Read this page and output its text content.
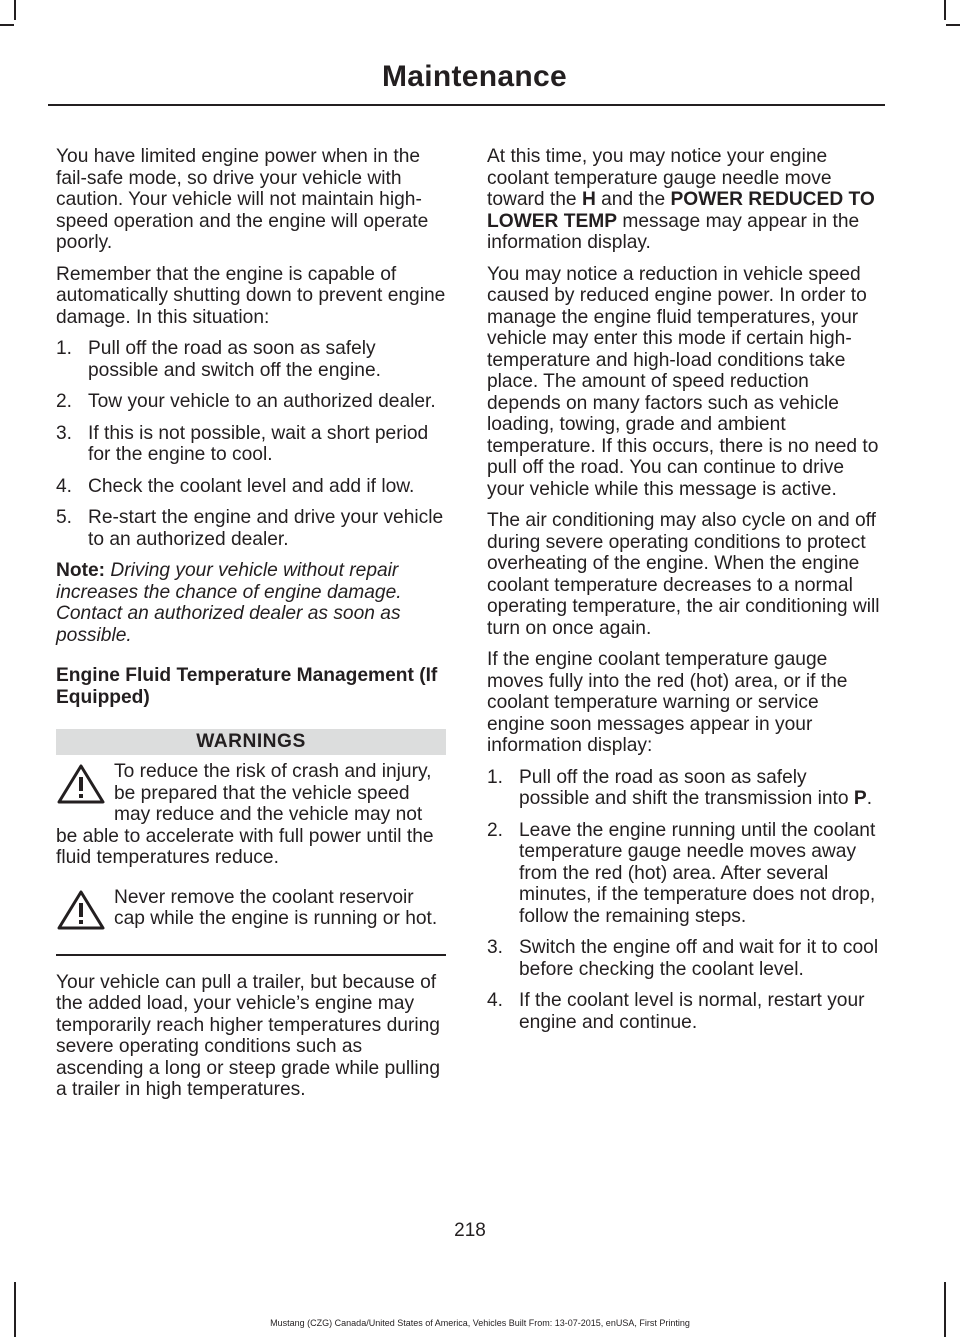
Maintenance

You have limited engine power when in the fail-safe mode, so drive your vehicle with caution. Your vehicle will not maintain high-speed operation and the engine will operate poorly.

Remember that the engine is capable of automatically shutting down to prevent engine damage. In this situation:

1. Pull off the road as soon as safely possible and switch off the engine.
2. Tow your vehicle to an authorized dealer.
3. If this is not possible, wait a short period for the engine to cool.
4. Check the coolant level and add if low.
5. Re-start the engine and drive your vehicle to an authorized dealer.

Note: Driving your vehicle without repair increases the chance of engine damage. Contact an authorized dealer as soon as possible.

Engine Fluid Temperature Management (If Equipped)
WARNINGS
To reduce the risk of crash and injury, be prepared that the vehicle speed may reduce and the vehicle may not be able to accelerate with full power until the fluid temperatures reduce.
Never remove the coolant reservoir cap while the engine is running or hot.

Your vehicle can pull a trailer, but because of the added load, your vehicle’s engine may temporarily reach higher temperatures during severe operating conditions such as ascending a long or steep grade while pulling a trailer in high temperatures.

At this time, you may notice your engine coolant temperature gauge needle move toward the H and the POWER REDUCED TO LOWER TEMP message may appear in the information display.

You may notice a reduction in vehicle speed caused by reduced engine power. In order to manage the engine fluid temperatures, your vehicle may enter this mode if certain high-temperature and high-load conditions take place. The amount of speed reduction depends on many factors such as vehicle loading, towing, grade and ambient temperature. If this occurs, there is no need to pull off the road. You can continue to drive your vehicle while this message is active.

The air conditioning may also cycle on and off during severe operating conditions to protect overheating of the engine. When the engine coolant temperature decreases to a normal operating temperature, the air conditioning will turn on once again.

If the engine coolant temperature gauge moves fully into the red (hot) area, or if the coolant temperature warning or service engine soon messages appear in your information display:

1. Pull off the road as soon as safely possible and shift the transmission into P.
2. Leave the engine running until the coolant temperature gauge needle moves away from the red (hot) area. After several minutes, if the temperature does not drop, follow the remaining steps.
3. Switch the engine off and wait for it to cool before checking the coolant level.
4. If the coolant level is normal, restart your engine and continue.
218
Mustang (CZG) Canada/United States of America, Vehicles Built From: 13-07-2015, enUSA, First Printing
